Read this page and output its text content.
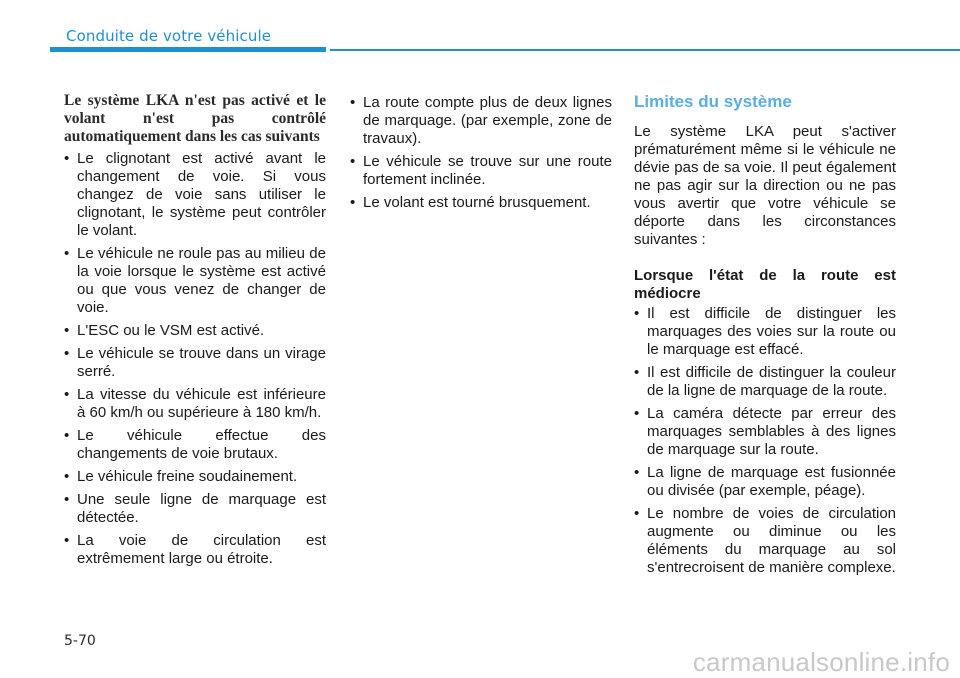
Conduite de votre véhicule

Le système LKA n'est pas activé et le volant n'est pas contrôlé automatiquement dans les cas suivants

• Le clignotant est activé avant le changement de voie. Si vous changez de voie sans utiliser le clignotant, le système peut contrôler le volant.
• Le véhicule ne roule pas au milieu de la voie lorsque le système est activé ou que vous venez de changer de voie.
• L'ESC ou le VSM est activé.
• Le véhicule se trouve dans un virage serré.
• La vitesse du véhicule est inférieure à 60 km/h ou supérieure à 180 km/h.
• Le véhicule effectue des changements de voie brutaux.
• Le véhicule freine soudainement.
• Une seule ligne de marquage est détectée.
• La voie de circulation est extrêmement large ou étroite.
• La route compte plus de deux lignes de marquage. (par exemple, zone de travaux).
• Le véhicule se trouve sur une route fortement inclinée.
• Le volant est tourné brusquement.
Limites du système

Le système LKA peut s'activer prématurément même si le véhicule ne dévie pas de sa voie. Il peut également ne pas agir sur la direction ou ne pas vous avertir que votre véhicule se déporte dans les circonstances suivantes :

Lorsque l'état de la route est médiocre

• Il est difficile de distinguer les marquages des voies sur la route ou le marquage est effacé.
• Il est difficile de distinguer la couleur de la ligne de marquage de la route.
• La caméra détecte par erreur des marquages semblables à des lignes de marquage sur la route.
• La ligne de marquage est fusionnée ou divisée (par exemple, péage).
• Le nombre de voies de circulation augmente ou diminue ou les éléments du marquage au sol s'entrecroisent de manière complexe.
5-70
carmanualsonline.info
